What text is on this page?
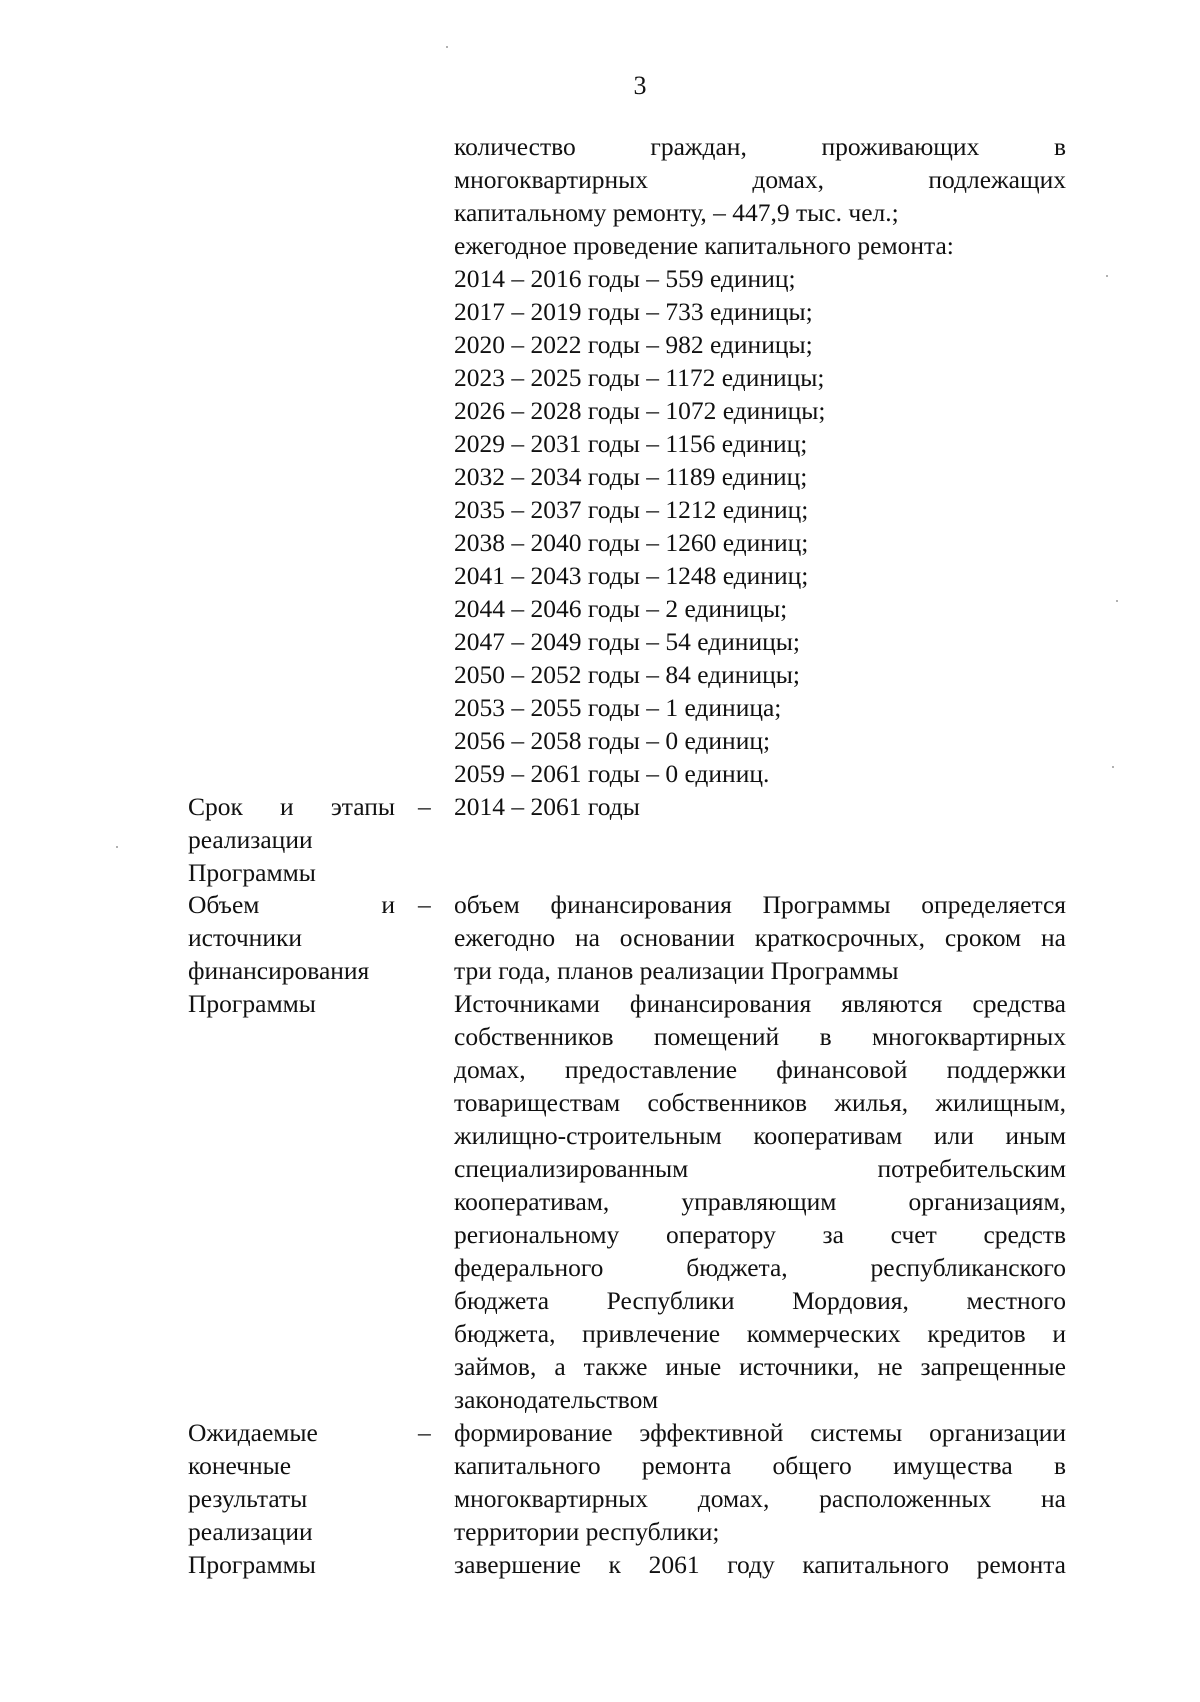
3
количество граждан, проживающих в
многоквартирных домах, подлежащих
капитальному ремонту, – 447,9 тыс. чел.;
ежегодное проведение капитального ремонта:
2014 – 2016 годы – 559 единиц;
2017 – 2019 годы – 733 единицы;
2020 – 2022 годы – 982 единицы;
2023 – 2025 годы – 1172 единицы;
2026 – 2028 годы – 1072 единицы;
2029 – 2031 годы – 1156 единиц;
2032 – 2034 годы – 1189 единиц;
2035 – 2037 годы – 1212 единиц;
2038 – 2040 годы – 1260 единиц;
2041 – 2043 годы – 1248 единиц;
2044 – 2046 годы – 2 единицы;
2047 – 2049 годы – 54 единицы;
2050 – 2052 годы – 84 единицы;
2053 – 2055 годы – 1 единица;
2056 – 2058 годы – 0 единиц;
2059 – 2061 годы – 0 единиц.
Срок и этапы
реализации
Программы
– 2014 – 2061 годы
Объем и
источники
финансирования
Программы
– объем финансирования Программы определяется
ежегодно на основании краткосрочных, сроком на
три года, планов реализации Программы
Источниками финансирования являются средства
собственников помещений в многоквартирных
домах, предоставление финансовой поддержки
товариществам собственников жилья, жилищным,
жилищно-строительным кооперативам или иным
специализированным потребительским
кооперативам, управляющим организациям,
региональному оператору за счет средств
федерального бюджета, республиканского
бюджета Республики Мордовия, местного
бюджета, привлечение коммерческих кредитов и
займов, а также иные источники, не запрещенные
законодательством
Ожидаемые
конечные
результаты
реализации
Программы
– формирование эффективной системы организации
капитального ремонта общего имущества в
многоквартирных домах, расположенных на
территории республики;
завершение к 2061 году капитального ремонта
